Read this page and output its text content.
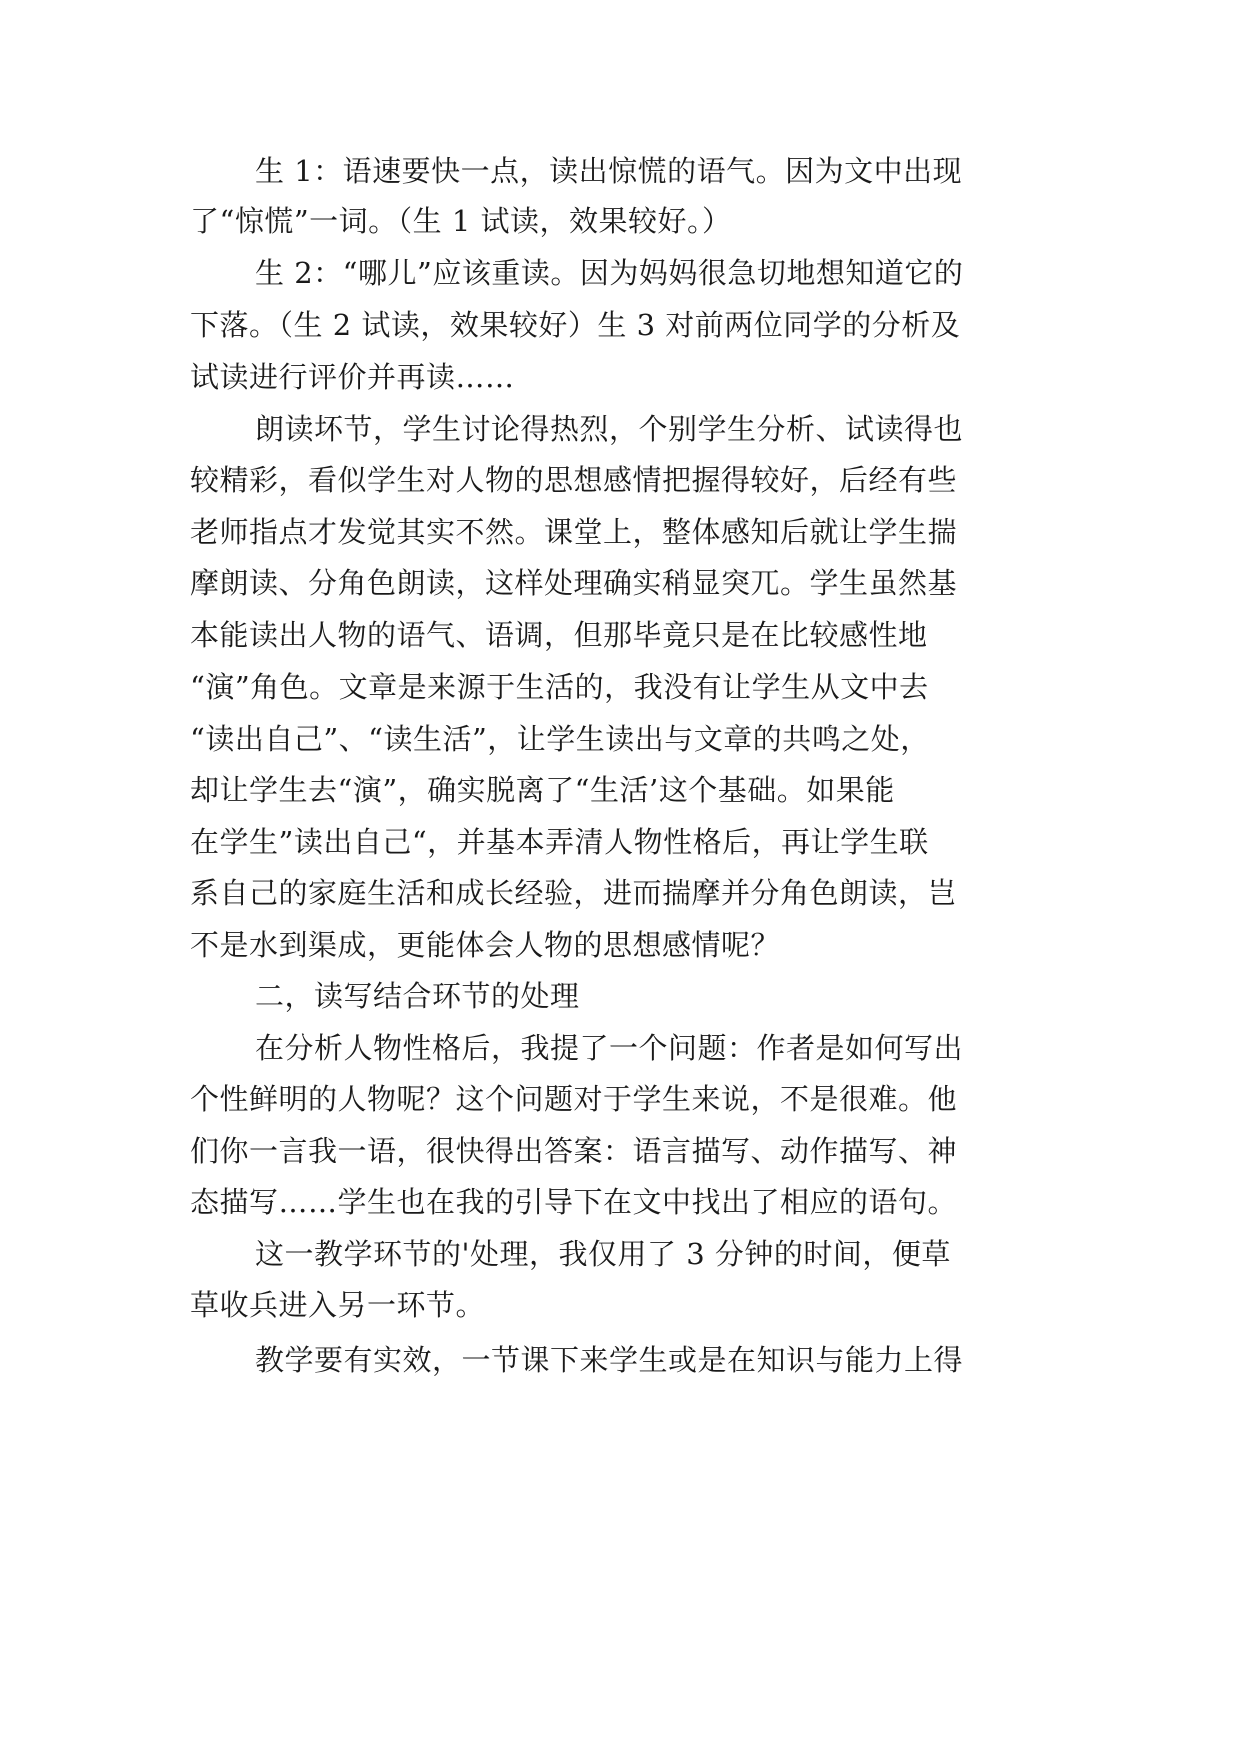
生 1：语速要快一点，读出惊慌的语气。因为文中出现
了“惊慌”一词。（生 1 试读，效果较好。）
生 2：“哪儿”应该重读。因为妈妈很急切地想知道它的
下落。（生 2 试读，效果较好）生 3 对前两位同学的分析及
试读进行评价并再读……
朗读坏节，学生讨论得热烈，个别学生分析、试读得也
较精彩，看似学生对人物的思想感情把握得较好，后经有些
老师指点才发觉其实不然。课堂上，整体感知后就让学生揣
摩朗读、分角色朗读，这样处理确实稍显突兀。学生虽然基
本能读出人物的语气、语调，但那毕竟只是在比较感性地
“演”角色。文章是来源于生活的，我没有让学生从文中去
“读出自己”、“读生活”，让学生读出与文章的共鸣之处，
却让学生去“演”，确实脱离了“生活’这个基础。如果能
在学生”读出自己“，并基本弄清人物性格后，再让学生联
系自己的家庭生活和成长经验，进而揣摩并分角色朗读，岂
不是水到渠成，更能体会人物的思想感情呢？
二，读写结合环节的处理
在分析人物性格后，我提了一个问题：作者是如何写出
个性鲜明的人物呢？这个问题对于学生来说，不是很难。他
们你一言我一语，很快得出答案：语言描写、动作描写、神
态描写……学生也在我的引导下在文中找出了相应的语句。
这一教学环节的'处理，我仅用了 3 分钟的时间，便草
草收兵进入另一环节。
教学要有实效，一节课下来学生或是在知识与能力上得
